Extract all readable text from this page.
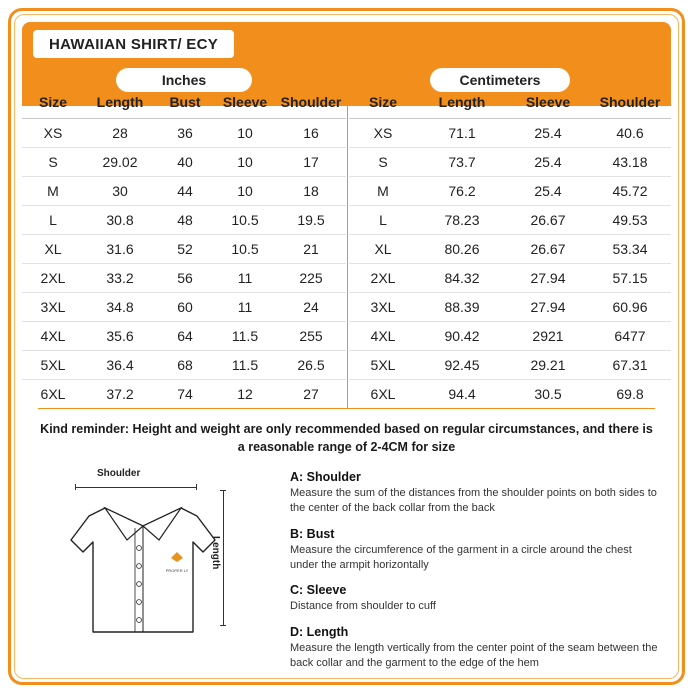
HAWAIIAN SHIRT/ ECY
Inches	Centimeters
Size	Length	Bust	Sleeve	Shoulder
XS	28	36	10	16
S	29.02	40	10	17
M	30	44	10	18
L	30.8	48	10.5	19.5
XL	31.6	52	10.5	21
2XL	33.2	56	11	225
3XL	34.8	60	11	24
4XL	35.6	64	11.5	255
5XL	36.4	68	11.5	26.5
6XL	37.2	74	12	27
Size	Length	Sleeve	Shoulder
XS	71.1	25.4	40.6
S	73.7	25.4	43.18
M	76.2	25.4	45.72
L	78.23	26.67	49.53
XL	80.26	26.67	53.34
2XL	84.32	27.94	57.15
3XL	88.39	27.94	60.96
4XL	90.42	2921	6477
5XL	92.45	29.21	67.31
6XL	94.4	30.5	69.8
Kind reminder: Height and weight are only recommended based on regular circumstances, and there is a reasonable range of 2-4CM for size
Shoulder
Length
PROPER LY
A: Shoulder
Measure the sum of the distances from the shoulder points on both sides to the center of the back collar from the back
B: Bust
Measure the circumference of the garment in a circle around the chest under the armpit horizontally
C: Sleeve
Distance from shoulder to cuff
D: Length
Measure the length vertically from the center point of the seam between the back collar and the garment to the edge of the hem
